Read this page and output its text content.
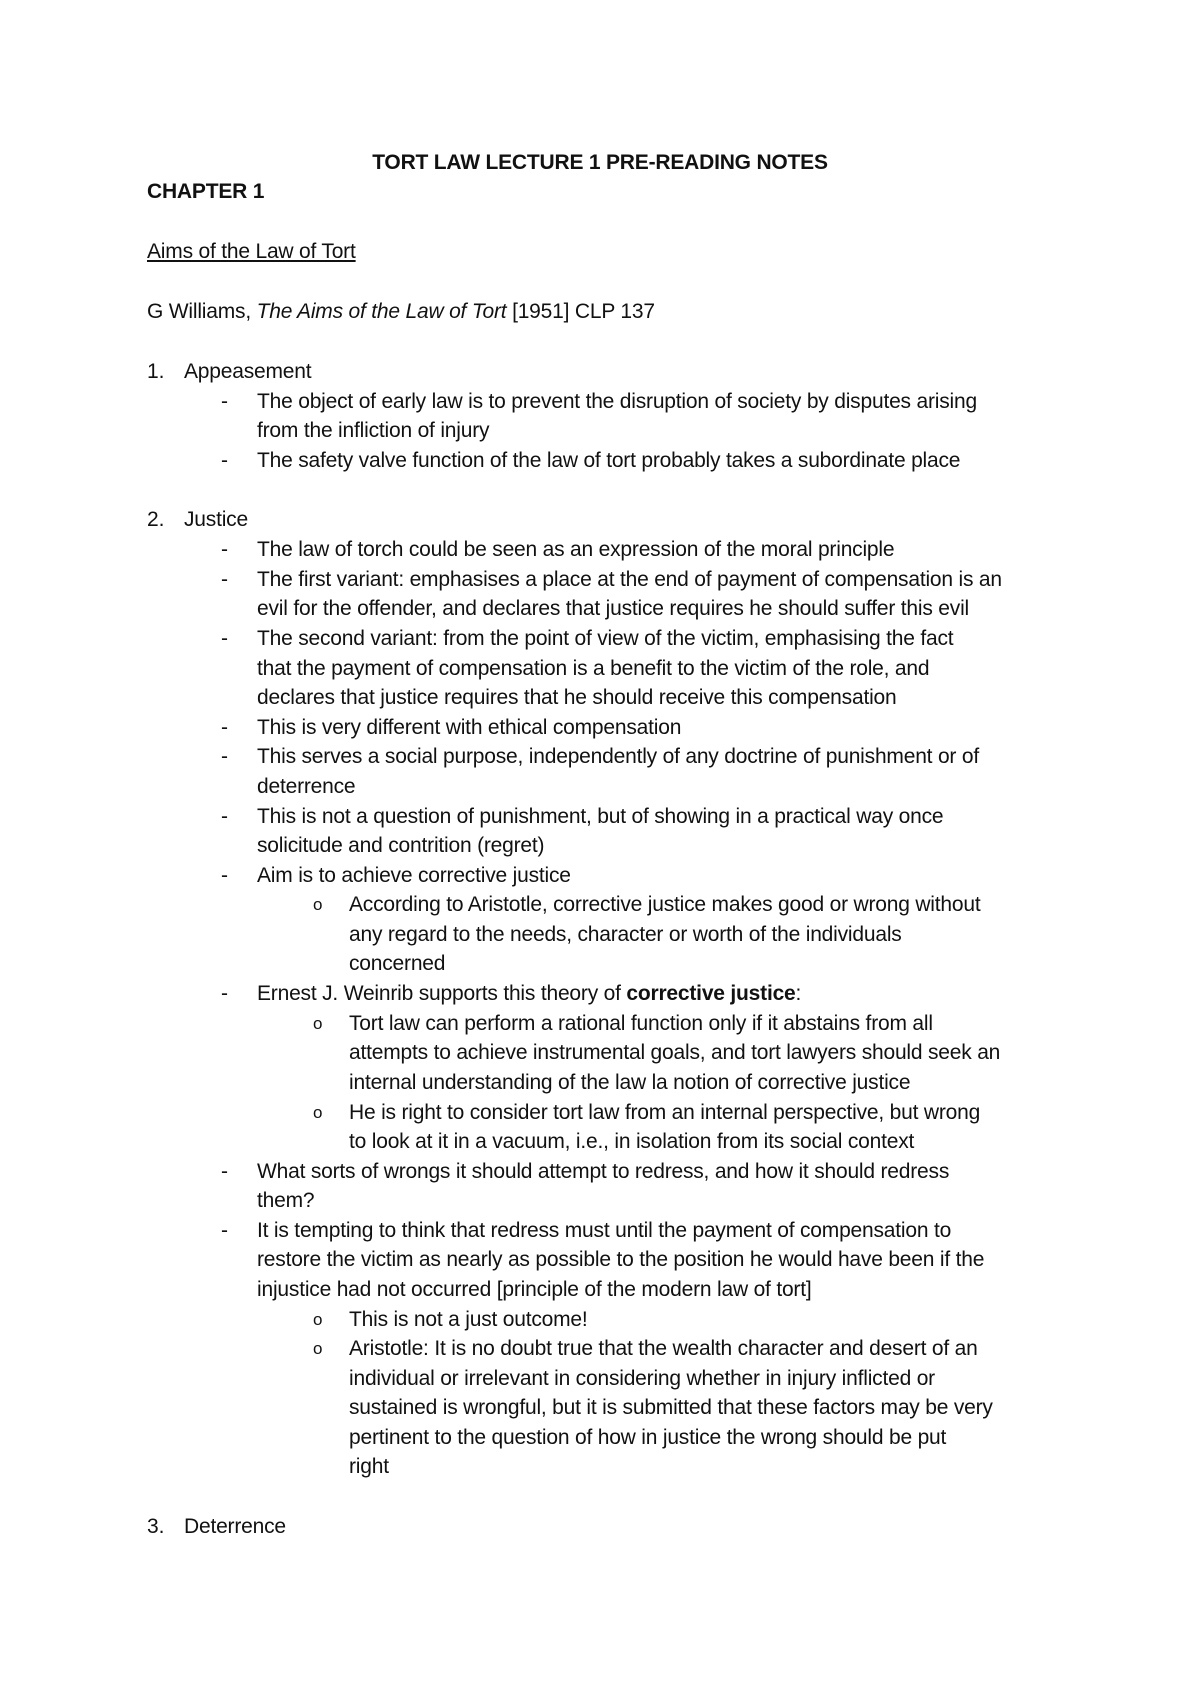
TORT LAW LECTURE 1 PRE-READING NOTES
CHAPTER 1
Aims of the Law of Tort
G Williams, The Aims of the Law of Tort [1951] CLP 137
1. Appeasement
- The object of early law is to prevent the disruption of society by disputes arising
from the infliction of injury
- The safety valve function of the law of tort probably takes a subordinate place
2. Justice
- The law of torch could be seen as an expression of the moral principle
- The first variant: emphasises a place at the end of payment of compensation is an
evil for the offender, and declares that justice requires he should suffer this evil
- The second variant: from the point of view of the victim, emphasising the fact
that the payment of compensation is a benefit to the victim of the role, and
declares that justice requires that he should receive this compensation
- This is very different with ethical compensation
- This serves a social purpose, independently of any doctrine of punishment or of
deterrence
- This is not a question of punishment, but of showing in a practical way once
solicitude and contrition (regret)
- Aim is to achieve corrective justice
o According to Aristotle, corrective justice makes good or wrong without
any regard to the needs, character or worth of the individuals
concerned
- Ernest J. Weinrib supports this theory of corrective justice:
o Tort law can perform a rational function only if it abstains from all
attempts to achieve instrumental goals, and tort lawyers should seek an
internal understanding of the law la notion of corrective justice
o He is right to consider tort law from an internal perspective, but wrong
to look at it in a vacuum, i.e., in isolation from its social context
- What sorts of wrongs it should attempt to redress, and how it should redress
them?
- It is tempting to think that redress must until the payment of compensation to
restore the victim as nearly as possible to the position he would have been if the
injustice had not occurred [principle of the modern law of tort]
o This is not a just outcome!
o Aristotle: It is no doubt true that the wealth character and desert of an
individual or irrelevant in considering whether in injury inflicted or
sustained is wrongful, but it is submitted that these factors may be very
pertinent to the question of how in justice the wrong should be put
right
3. Deterrence
